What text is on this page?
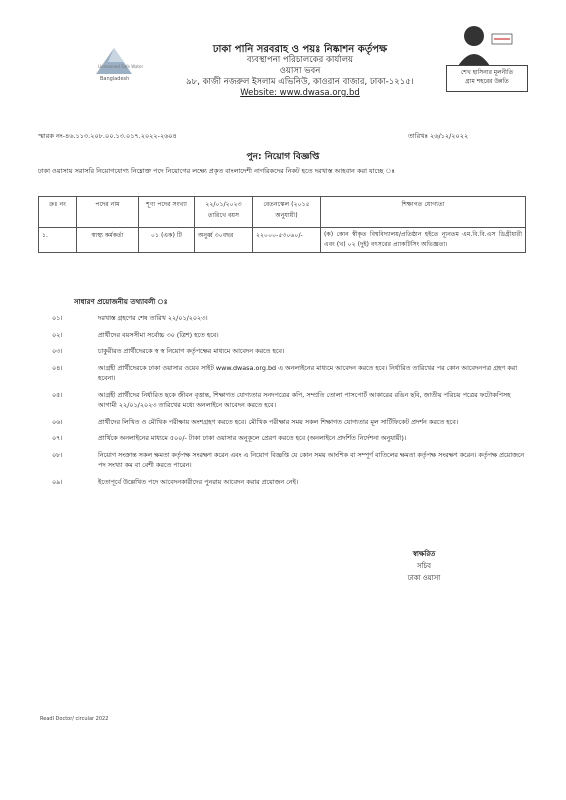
Unmanned Safe Water
Bangladesh
ঢাকা পানি সরবরাহ ও পয়ঃ নিষ্কাশন কর্তৃপক্ষ
ব্যবস্থাপনা পরিচালকের কার্যালয়
ওয়াসা ভবন
৯৮, কাজী নজরুল ইসলাম এভিনিউ, কাওরান বাজার, ঢাকা-১২১৫।
Website: www.dwasa.org.bd
শেখ হাসিনার মূলনীতি
গ্রাম শহরের উন্নতি
স্মারক নং-৪৬.১১৩.২০৮.০০.১৩.০১৭.২০২২-২৬০৪	তারিখঃ ২৬/১২/২০২২
পুন: নিয়োগ বিজ্ঞপ্তি
ঢাকা ওয়াসায় সরাসরি নিয়োগযোগ্য নিম্নোক্ত পদে নিয়োগের লক্ষ্যে প্রকৃত বাংলাদেশী নাগরিকদের নিকট হতে দরখাস্ত আহবান করা যাচ্ছে ঃ
ক্রঃ নং	পদের নাম	শূণ্য পদের সংখ্যা	২২/০১/২০২৩ তারিখে বয়স	বেতনস্কেল (২০১৫ অনুযায়ী)	শিক্ষাগত যোগ্যতা
১.	স্বাস্থ্য কর্মকর্তা	০১ (এক) টি	অনুর্ধ্ব ৩০বছর	২২০০০-৫৩০৬০/-	(ক) কোন স্বীকৃত বিশ্ববিদ্যালয়/প্রতিষ্ঠান হইতে ন্যূনতম এম.বি.বি.এস ডিগ্রীধারী এবং (খ) ০২ (দুই) বৎসরের প্র্যাকটিসিং অভিজ্ঞতা।
সাধারণ প্রয়োজনীয় তথ্যাবলী ঃ
০১।	দরখাস্ত গ্রহণের শেষ তারিখ ২২/০১/২০২৩।
০২।	প্রার্থীদের বয়সসীমা সর্বোচ্চ ৩০ (ত্রিশ) হতে হবে।
০৩।	চাকুরীরত প্রার্থীদেরকে স্ব স্ব নিয়োগ কর্তৃপক্ষের মাধ্যমে আবেদন করতে হবে।
০৪।	আগ্রহী প্রার্থীদেরকে ঢাকা ওয়াসার ওয়েব সাইট www.dwasa.org.bd এ অনলাইনের মাধ্যমে আবেদন করতে হবে। নির্ধারিত তারিখের পর কোন আবেদনপত্র গ্রহণ করা হবেনা।
০৫।	আগ্রহী প্রার্থীদের নির্ধারিত ছকে জীবন বৃত্তান্ত, শিক্ষাগত যোগ্যতার সনদপত্রের কপি, সম্প্রতি তোলা পাসপোর্ট আকারের রঙিন ছবি, জাতীয় পরিচয় পত্রের ফটোকপিসহ আগামী ২২/০১/২০২৩ তারিখের মধ্যে অনলাইনে আবেদন করতে হবে।
০৬।	প্রার্থীদের লিখিত ও মৌখিক পরীক্ষায় অংশগ্রহণ করতে হবে। মৌখিক পরীক্ষার সময় সকল শিক্ষাগত যোগ্যতার মূল সার্টিফিকেট প্রদর্শন করতে হবে।
০৭।	প্রার্থিকে অনলাইনের মাধ্যমে ৫০০/- টাকা ঢাকা ওয়াসার অনুকূলে প্রেরণ করতে হবে (অনলাইনে প্রদর্শিত নির্দেশনা অনুযায়ী)।
০৮।	নিয়োগ সংক্রান্ত সকল ক্ষমতা কর্তৃপক্ষ সংরক্ষণ করেন এবং এ নিয়োগ বিজ্ঞপ্তি যে কোন সময় আংশিক বা সম্পূর্ণ বাতিলের ক্ষমতা কর্তৃপক্ষ সংরক্ষণ করেন। কর্তৃপক্ষ প্রয়োজনে পদ সংখ্যা কম বা বেশী করতে পারেন।
০৯।	ইতোপূর্বে উল্লেখিত পদে আবেদনকারীদের পুনরায় আবেদন করার প্রয়োজন নেই।
স্বাক্ষরিত
সচিব
ঢাকা ওয়াসা
Readl Doctor/ circular 2022
